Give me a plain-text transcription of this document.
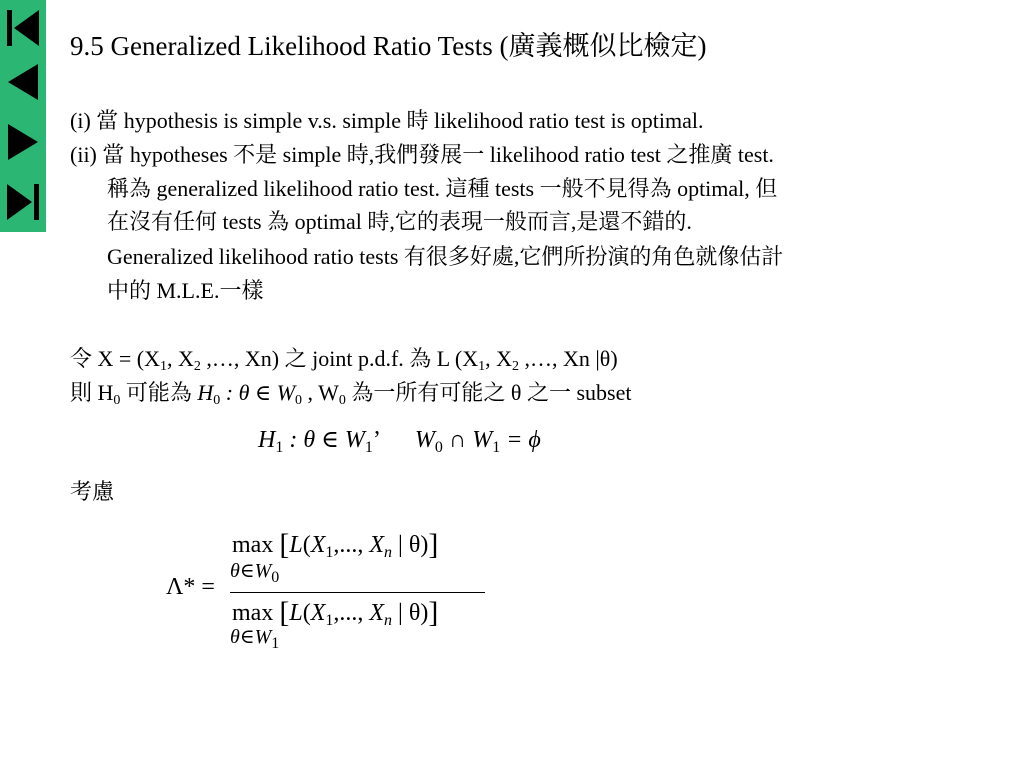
9.5 Generalized Likelihood Ratio Tests (廣義概似比檢定)
(i) 當 hypothesis is simple v.s. simple 時 likelihood ratio test is optimal.
(ii) 當 hypotheses 不是 simple 時,我們發展一 likelihood ratio test 之推廣 test.
稱為 generalized likelihood ratio test. 這種 tests 一般不見得為 optimal, 但
在沒有任何 tests 為 optimal 時,它的表現一般而言,是還不錯的.
Generalized likelihood ratio tests 有很多好處,它們所扮演的角色就像估計
中的 M.L.E.一樣
令 $X = (X_1$, $X_2$ ,…, Xn) 之 joint p.d.f. 為 L ($X_1$, $X_2$ ,…, Xn |θ)
則 $H_0$ 可能為 $H_0$ : θ ∈ $W_0$ , $W_0$ 為一所有可能之 θ 之一 subset
$H_1$ : θ ∈ $W_1$’ $W_0$ ∩ $W_1 = \phi$
考慮
Λ* =
$\max [L(X_1$,..., $X_n$ | θ)]
$\theta\in W_0$
$\max [L(X_1$,..., $X_n$ | θ)]
$\theta\in W_1$
